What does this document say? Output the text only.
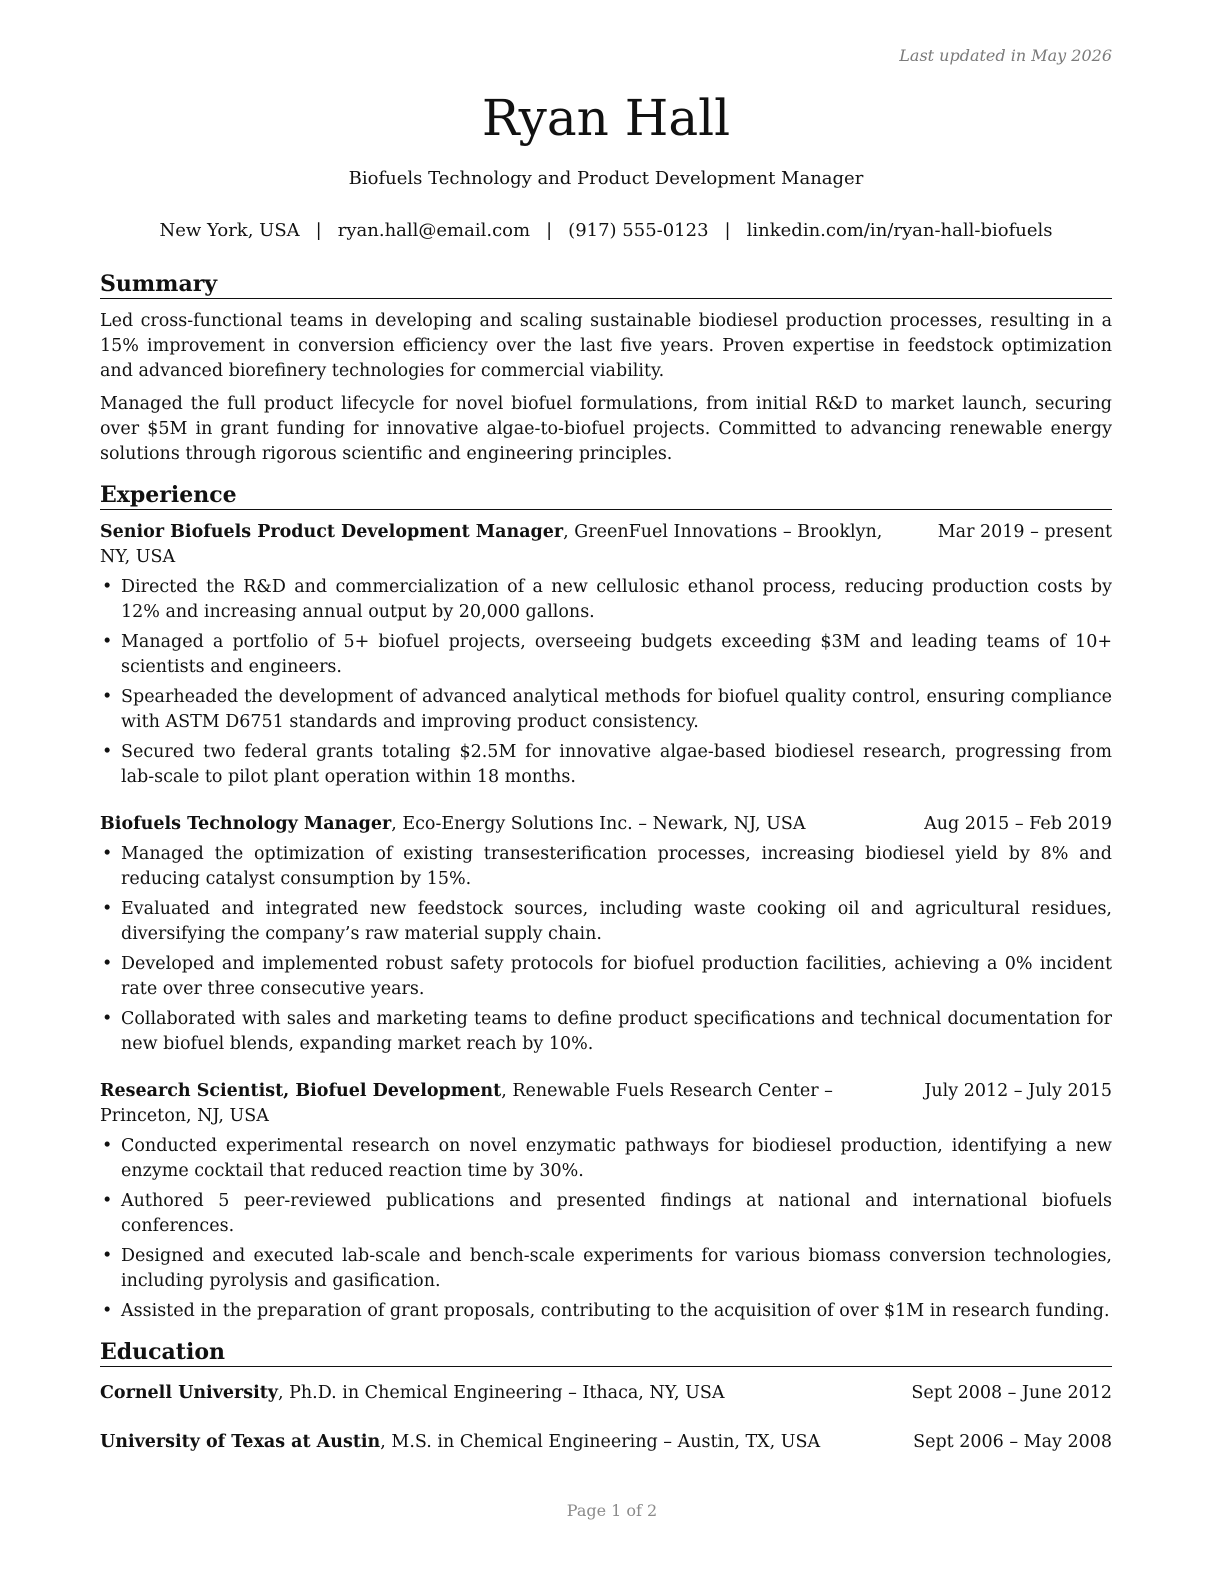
Last updated in May 2026
Ryan Hall
Biofuels Technology and Product Development Manager
New York, USA | ryan.hall@email.com | (917) 555-0123 | linkedin.com/in/ryan-hall-biofuels
Summary

Led cross-functional teams in developing and scaling sustainable biodiesel production processes, resulting in a 15% improvement in conversion efficiency over the last five years. Proven expertise in feedstock optimization and advanced biorefinery technologies for commercial viability.

Managed the full product lifecycle for novel biofuel formulations, from initial R&D to market launch, securing over $5M in grant funding for innovative algae-to-biofuel projects. Committed to advancing renewable energy solutions through rigorous scientific and engineering principles.

Experience
Senior Biofuels Product Development Manager, GreenFuel Innovations – Brooklyn, NY, USA
Mar 2019 – present
• Directed the R&D and commercialization of a new cellulosic ethanol process, reducing production costs by 12% and increasing annual output by 20,000 gallons.
• Managed a portfolio of 5+ biofuel projects, overseeing budgets exceeding $3M and leading teams of 10+ scientists and engineers.
• Spearheaded the development of advanced analytical methods for biofuel quality control, ensuring compliance with ASTM D6751 standards and improving product consistency.
• Secured two federal grants totaling $2.5M for innovative algae-based biodiesel research, progressing from lab-scale to pilot plant operation within 18 months.
Biofuels Technology Manager, Eco-Energy Solutions Inc. – Newark, NJ, USA	Aug 2015 – Feb 2019
• Managed the optimization of existing transesterification processes, increasing biodiesel yield by 8% and reducing catalyst consumption by 15%.
• Evaluated and integrated new feedstock sources, including waste cooking oil and agricultural residues, diversifying the company’s raw material supply chain.
• Developed and implemented robust safety protocols for biofuel production facilities, achieving a 0% incident rate over three consecutive years.
• Collaborated with sales and marketing teams to define product specifications and technical documentation for new biofuel blends, expanding market reach by 10%.
Research Scientist, Biofuel Development, Renewable Fuels Research Center – Princeton, NJ, USA
July 2012 – July 2015
• Conducted experimental research on novel enzymatic pathways for biodiesel production, identifying a new enzyme cocktail that reduced reaction time by 30%.
• Authored 5 peer-reviewed publications and presented findings at national and international biofuels conferences.
• Designed and executed lab-scale and bench-scale experiments for various biomass conversion technologies, including pyrolysis and gasification.
• Assisted in the preparation of grant proposals, contributing to the acquisition of over $1M in research funding.
Education
Cornell University, Ph.D. in Chemical Engineering – Ithaca, NY, USA	Sept 2008 – June 2012
University of Texas at Austin, M.S. in Chemical Engineering – Austin, TX, USA	Sept 2006 – May 2008
Page 1 of 2
